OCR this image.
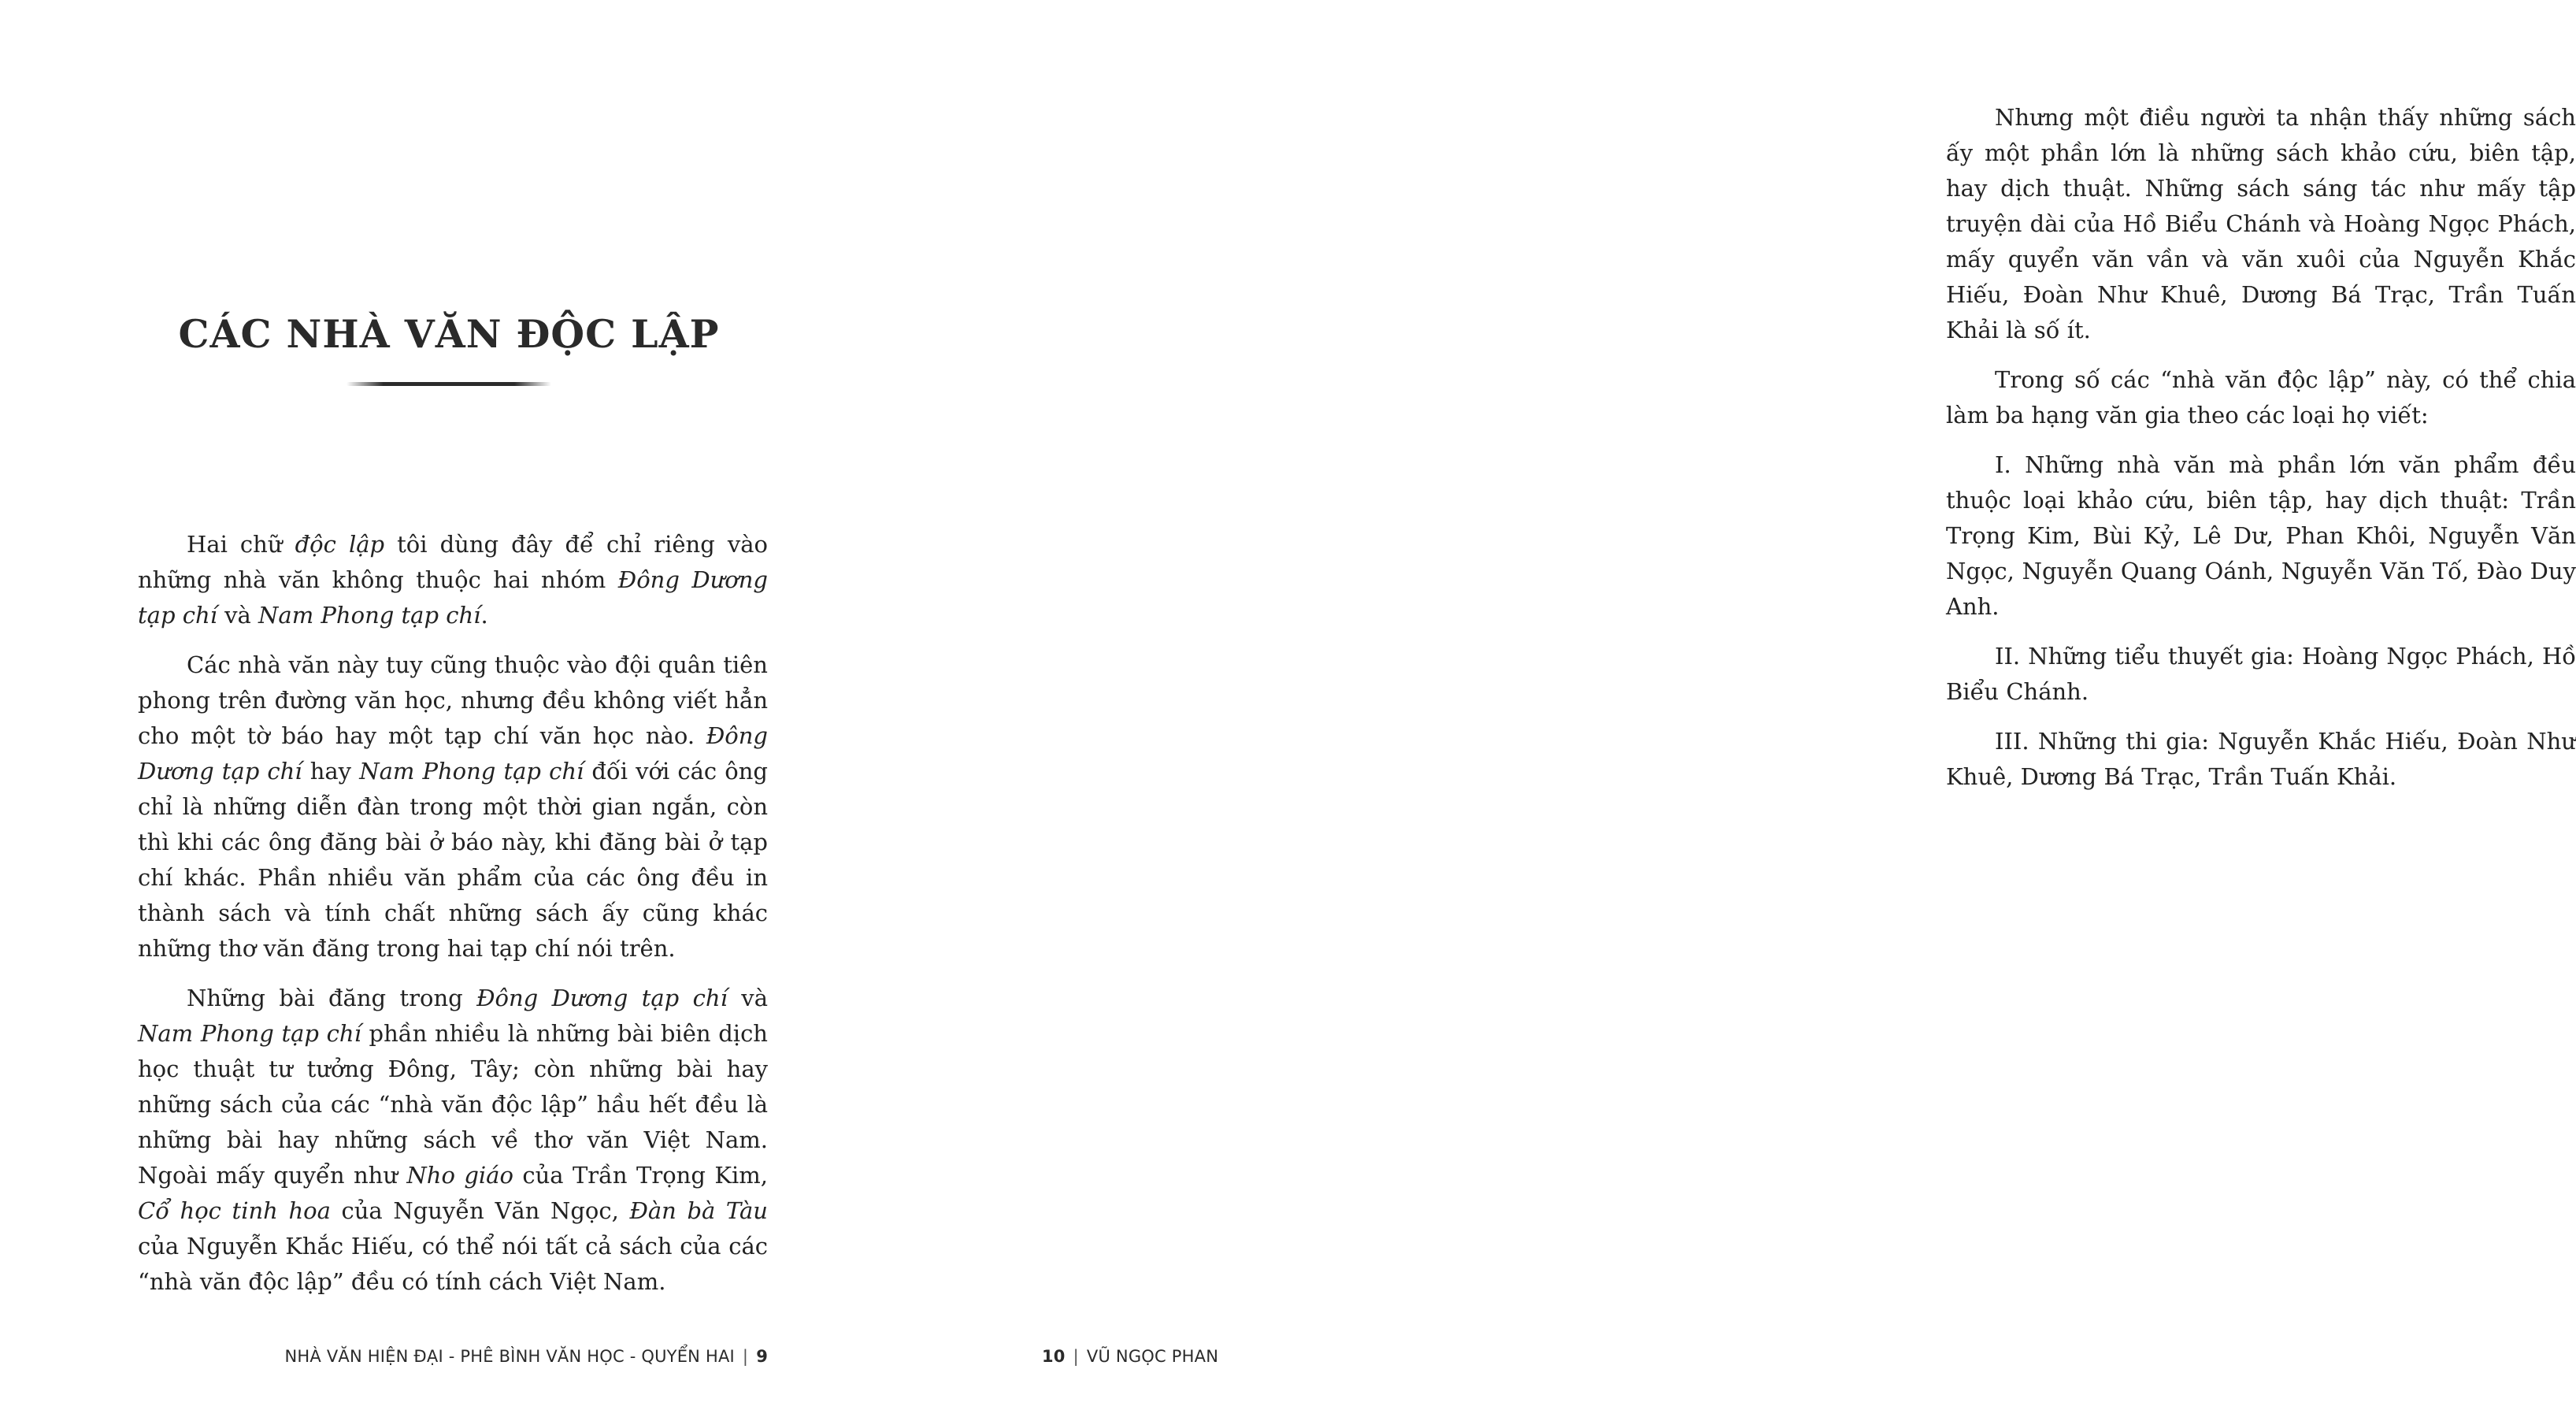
CÁC NHÀ VĂN ĐỘC LẬP

Hai chữ độc lập tôi dùng đây để chỉ riêng vào những nhà văn không thuộc hai nhóm Đông Dương tạp chí và Nam Phong tạp chí.

Các nhà văn này tuy cũng thuộc vào đội quân tiên phong trên đường văn học, nhưng đều không viết hẳn cho một tờ báo hay một tạp chí văn học nào. Đông Dương tạp chí hay Nam Phong tạp chí đối với các ông chỉ là những diễn đàn trong một thời gian ngắn, còn thì khi các ông đăng bài ở báo này, khi đăng bài ở tạp chí khác. Phần nhiều văn phẩm của các ông đều in thành sách và tính chất những sách ấy cũng khác những thơ văn đăng trong hai tạp chí nói trên.

Những bài đăng trong Đông Dương tạp chí và Nam Phong tạp chí phần nhiều là những bài biên dịch học thuật tư tưởng Đông, Tây; còn những bài hay những sách của các “nhà văn độc lập” hầu hết đều là những bài hay những sách về thơ văn Việt Nam. Ngoài mấy quyển như Nho giáo của Trần Trọng Kim, Cổ học tinh hoa của Nguyễn Văn Ngọc, Đàn bà Tàu của Nguyễn Khắc Hiếu, có thể nói tất cả sách của các “nhà văn độc lập” đều có tính cách Việt Nam.

NHÀ VĂN HIỆN ĐẠI - PHÊ BÌNH VĂN HỌC - QUYỂN HAI | 9

Nhưng một điều người ta nhận thấy những sách ấy một phần lớn là những sách khảo cứu, biên tập, hay dịch thuật. Những sách sáng tác như mấy tập truyện dài của Hồ Biểu Chánh và Hoàng Ngọc Phách, mấy quyển văn vần và văn xuôi của Nguyễn Khắc Hiếu, Đoàn Như Khuê, Dương Bá Trạc, Trần Tuấn Khải là số ít.

Trong số các “nhà văn độc lập” này, có thể chia làm ba hạng văn gia theo các loại họ viết:

I. Những nhà văn mà phần lớn văn phẩm đều thuộc loại khảo cứu, biên tập, hay dịch thuật: Trần Trọng Kim, Bùi Kỷ, Lê Dư, Phan Khôi, Nguyễn Văn Ngọc, Nguyễn Quang Oánh, Nguyễn Văn Tố, Đào Duy Anh.

II. Những tiểu thuyết gia: Hoàng Ngọc Phách, Hồ Biểu Chánh.

III. Những thi gia: Nguyễn Khắc Hiếu, Đoàn Như Khuê, Dương Bá Trạc, Trần Tuấn Khải.

10 | VŨ NGỌC PHAN
